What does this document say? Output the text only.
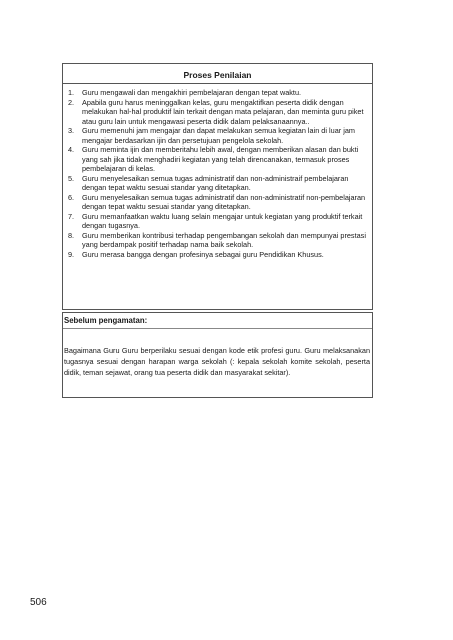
Proses Penilaian
1.	Guru mengawali dan mengakhiri pembelajaran dengan tepat waktu.
2.	Apabila guru harus meninggalkan kelas, guru mengaktifkan peserta didik dengan melakukan hal-hal produktif lain terkait dengan mata pelajaran, dan meminta guru piket atau guru lain untuk mengawasi peserta didik dalam pelaksanaannya..
3.	Guru memenuhi jam mengajar dan dapat melakukan semua kegiatan lain di luar jam mengajar berdasarkan ijin dan persetujuan pengelola sekolah.
4.	Guru meminta ijin dan memberitahu lebih awal, dengan memberikan alasan dan bukti yang sah jika tidak menghadiri kegiatan yang telah direncanakan, termasuk proses pembelajaran di kelas.
5.	Guru menyelesaikan semua tugas administratif dan non-administraif pembelajaran dengan tepat waktu sesuai standar yang ditetapkan.
6.	Guru menyelesaikan semua tugas administratif dan non-administratif non-pembelajaran dengan tepat waktu sesuai standar yang ditetapkan.
7.	Guru memanfaatkan waktu luang selain mengajar untuk kegiatan yang produktif terkait dengan tugasnya.
8.	Guru memberikan kontribusi terhadap pengembangan sekolah dan mempunyai prestasi yang berdampak positif terhadap nama baik sekolah.
9.	Guru merasa bangga dengan profesinya sebagai guru Pendidikan Khusus.
Sebelum pengamatan:

Bagaimana Guru Guru berperilaku sesuai dengan kode etik profesi guru. Guru melaksanakan tugasnya sesuai dengan harapan warga sekolah (: kepala sekolah komite sekolah, peserta didik, teman sejawat, orang tua peserta didik dan masyarakat sekitar).

506
